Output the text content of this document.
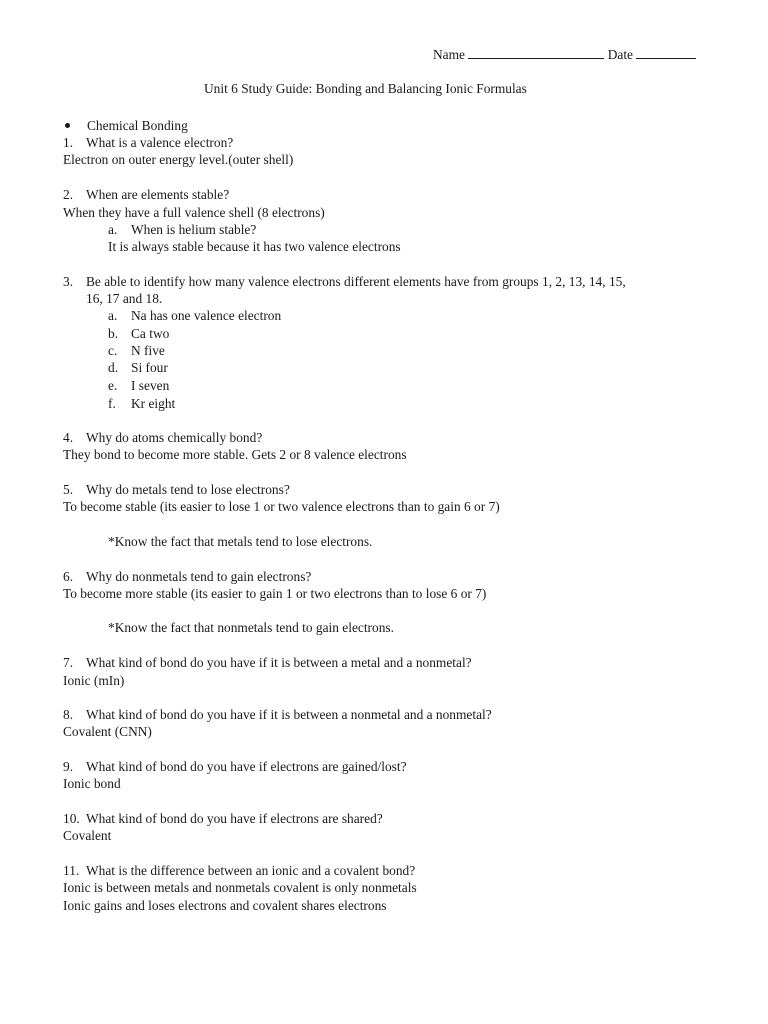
Name	Date
Unit 6 Study Guide: Bonding and Balancing Ionic Formulas
Chemical Bonding
1. What is a valence electron?
Electron on outer energy level.(outer shell)
2. When are elements stable?
When they have a full valence shell (8 electrons)
a. When is helium stable?
It is always stable because it has two valence electrons
3. Be able to identify how many valence electrons different elements have from groups 1, 2, 13, 14, 15,
16, 17 and 18.
a. Na has one valence electron
b. Ca two
c. N five
d. Si four
e. I seven
f. Kr eight
4. Why do atoms chemically bond?
They bond to become more stable. Gets 2 or 8 valence electrons
5. Why do metals tend to lose electrons?
To become stable (its easier to lose 1 or two valence electrons than to gain 6 or 7)
*Know the fact that metals tend to lose electrons.
6. Why do nonmetals tend to gain electrons?
To become more stable (its easier to gain 1 or two electrons than to lose 6 or 7)
*Know the fact that nonmetals tend to gain electrons.
7. What kind of bond do you have if it is between a metal and a nonmetal?
Ionic (mIn)
8. What kind of bond do you have if it is between a nonmetal and a nonmetal?
Covalent (CNN)
9. What kind of bond do you have if electrons are gained/lost?
Ionic bond
10. What kind of bond do you have if electrons are shared?
Covalent
11. What is the difference between an ionic and a covalent bond?
Ionic is between metals and nonmetals covalent is only nonmetals
Ionic gains and loses electrons and covalent shares electrons
